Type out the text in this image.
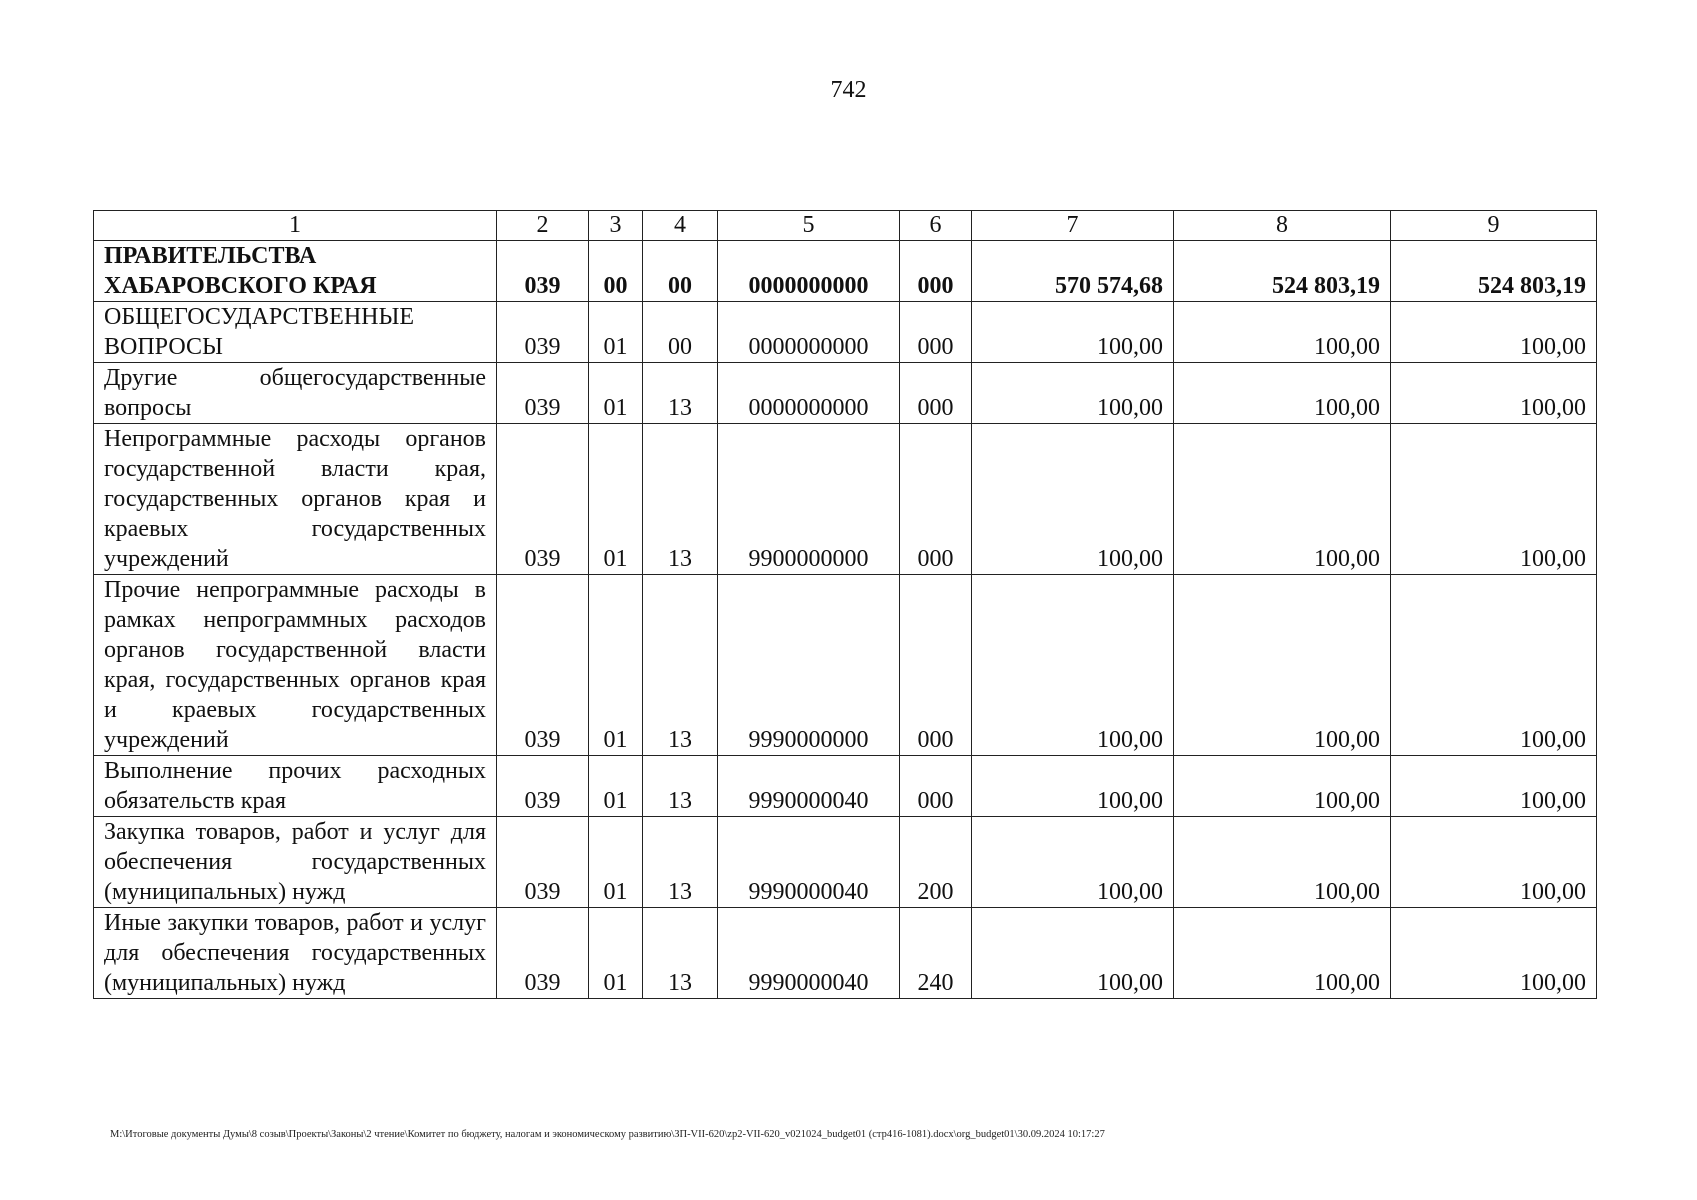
742
1	2	3	4	5	6	7	8	9
ПРАВИТЕЛЬСТВА ХАБАРОВСКОГО КРАЯ	039	00	00	0000000000	000	570 574,68	524 803,19	524 803,19
ОБЩЕГОСУДАРСТВЕННЫЕ ВОПРОСЫ	039	01	00	0000000000	000	100,00	100,00	100,00
Другие общегосударственные вопросы	039	01	13	0000000000	000	100,00	100,00	100,00
Непрограммные расходы органов государственной власти края, государственных органов края и краевых государственных учреждений	039	01	13	9900000000	000	100,00	100,00	100,00
Прочие непрограммные расходы в рамках непрограммных расходов органов государственной власти края, государственных органов края и краевых государственных учреждений	039	01	13	9990000000	000	100,00	100,00	100,00
Выполнение прочих расходных обязательств края	039	01	13	9990000040	000	100,00	100,00	100,00
Закупка товаров, работ и услуг для обеспечения государственных (муниципальных) нужд	039	01	13	9990000040	200	100,00	100,00	100,00
Иные закупки товаров, работ и услуг для обеспечения государственных (муниципальных) нужд	039	01	13	9990000040	240	100,00	100,00	100,00
M:\Итоговые документы Думы\8 созыв\Проекты\Законы\2 чтение\Комитет по бюджету, налогам и экономическому развитию\ЗП-VII-620\zp2-VII-620_v021024_budget01 (стр416-1081).docx\org_budget01\30.09.2024 10:17:27
